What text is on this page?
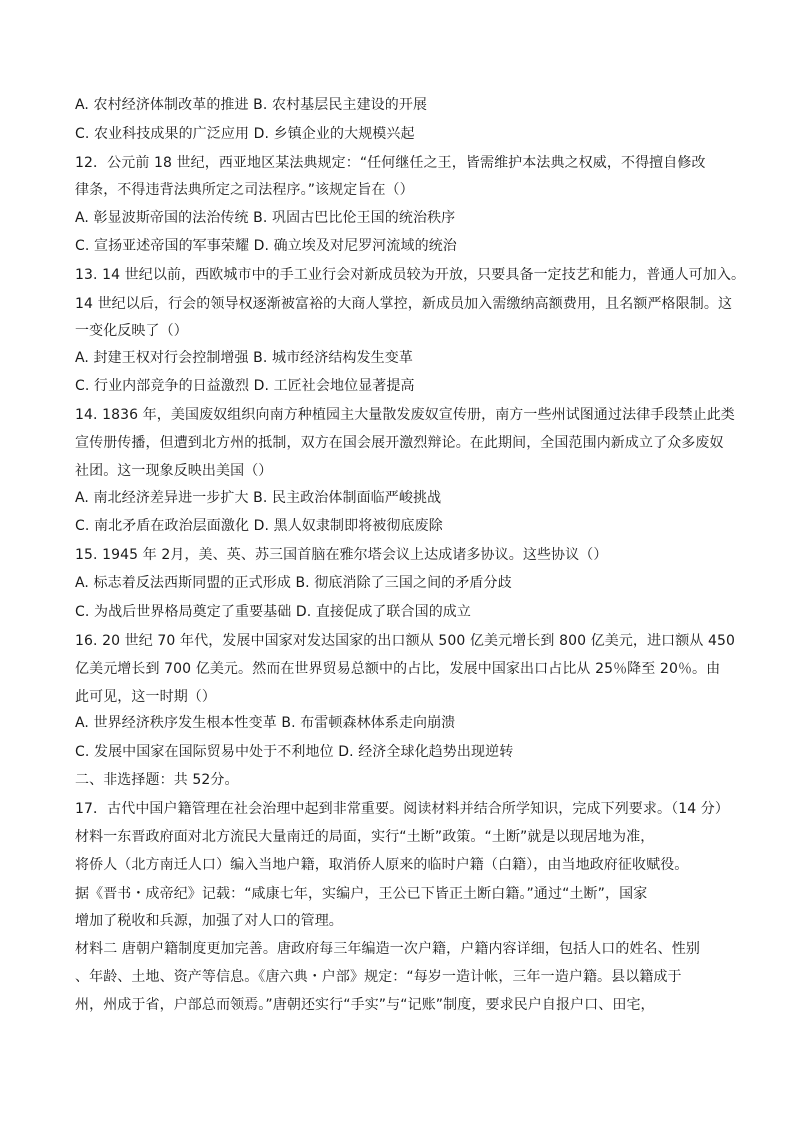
A. 农村经济体制改革的推进 B. 农村基层民主建设的开展
C. 农业科技成果的广泛应用 D. 乡镇企业的大规模兴起
12．公元前 18 世纪，西亚地区某法典规定：“任何继任之王，皆需维护本法典之权威，不得擅自修改
律条，不得违背法典所定之司法程序。”该规定旨在（）
A. 彰显波斯帝国的法治传统 B. 巩固古巴比伦王国的统治秩序
C. 宣扬亚述帝国的军事荣耀 D. 确立埃及对尼罗河流域的统治
13. 14 世纪以前，西欧城市中的手工业行会对新成员较为开放，只要具备一定技艺和能力，普通人可加入。
14 世纪以后，行会的领导权逐渐被富裕的大商人掌控，新成员加入需缴纳高额费用，且名额严格限制。这
一变化反映了（）
A. 封建王权对行会控制增强 B. 城市经济结构发生变革
C. 行业内部竞争的日益激烈 D. 工匠社会地位显著提高
14. 1836 年，美国废奴组织向南方种植园主大量散发废奴宣传册，南方一些州试图通过法律手段禁止此类
宣传册传播，但遭到北方州的抵制，双方在国会展开激烈辩论。在此期间，全国范围内新成立了众多废奴
社团。这一现象反映出美国（）
A. 南北经济差异进一步扩大 B. 民主政治体制面临严峻挑战
C. 南北矛盾在政治层面激化 D. 黑人奴隶制即将被彻底废除
15. 1945 年 2月，美、英、苏三国首脑在雅尔塔会议上达成诸多协议。这些协议（）
A. 标志着反法西斯同盟的正式形成 B. 彻底消除了三国之间的矛盾分歧
C. 为战后世界格局奠定了重要基础 D. 直接促成了联合国的成立
16. 20 世纪 70 年代，发展中国家对发达国家的出口额从 500 亿美元增长到 800 亿美元，进口额从 450
亿美元增长到 700 亿美元。然而在世界贸易总额中的占比，发展中国家出口占比从 25％降至 20％。由
此可见，这一时期（）
A. 世界经济秩序发生根本性变革 B. 布雷顿森林体系走向崩溃
C. 发展中国家在国际贸易中处于不利地位 D. 经济全球化趋势出现逆转
二、非选择题：共 52分。
17．古代中国户籍管理在社会治理中起到非常重要。阅读材料并结合所学知识，完成下列要求。（14 分）
材料一东晋政府面对北方流民大量南迁的局面，实行“土断”政策。“土断”就是以现居地为准，
将侨人（北方南迁人口）编入当地户籍，取消侨人原来的临时户籍（白籍），由当地政府征收赋役。
据《晋书・成帝纪》记载：“咸康七年，实编户，王公已下皆正土断白籍。”通过“土断”，国家
增加了税收和兵源，加强了对人口的管理。
材料二 唐朝户籍制度更加完善。唐政府每三年编造一次户籍，户籍内容详细，包括人口的姓名、性别
、年龄、土地、资产等信息。《唐六典・户部》规定：“每岁一造计帐，三年一造户籍。县以籍成于
州，州成于省，户部总而领焉。”唐朝还实行“手实”与“记账”制度，要求民户自报户口、田宅，
